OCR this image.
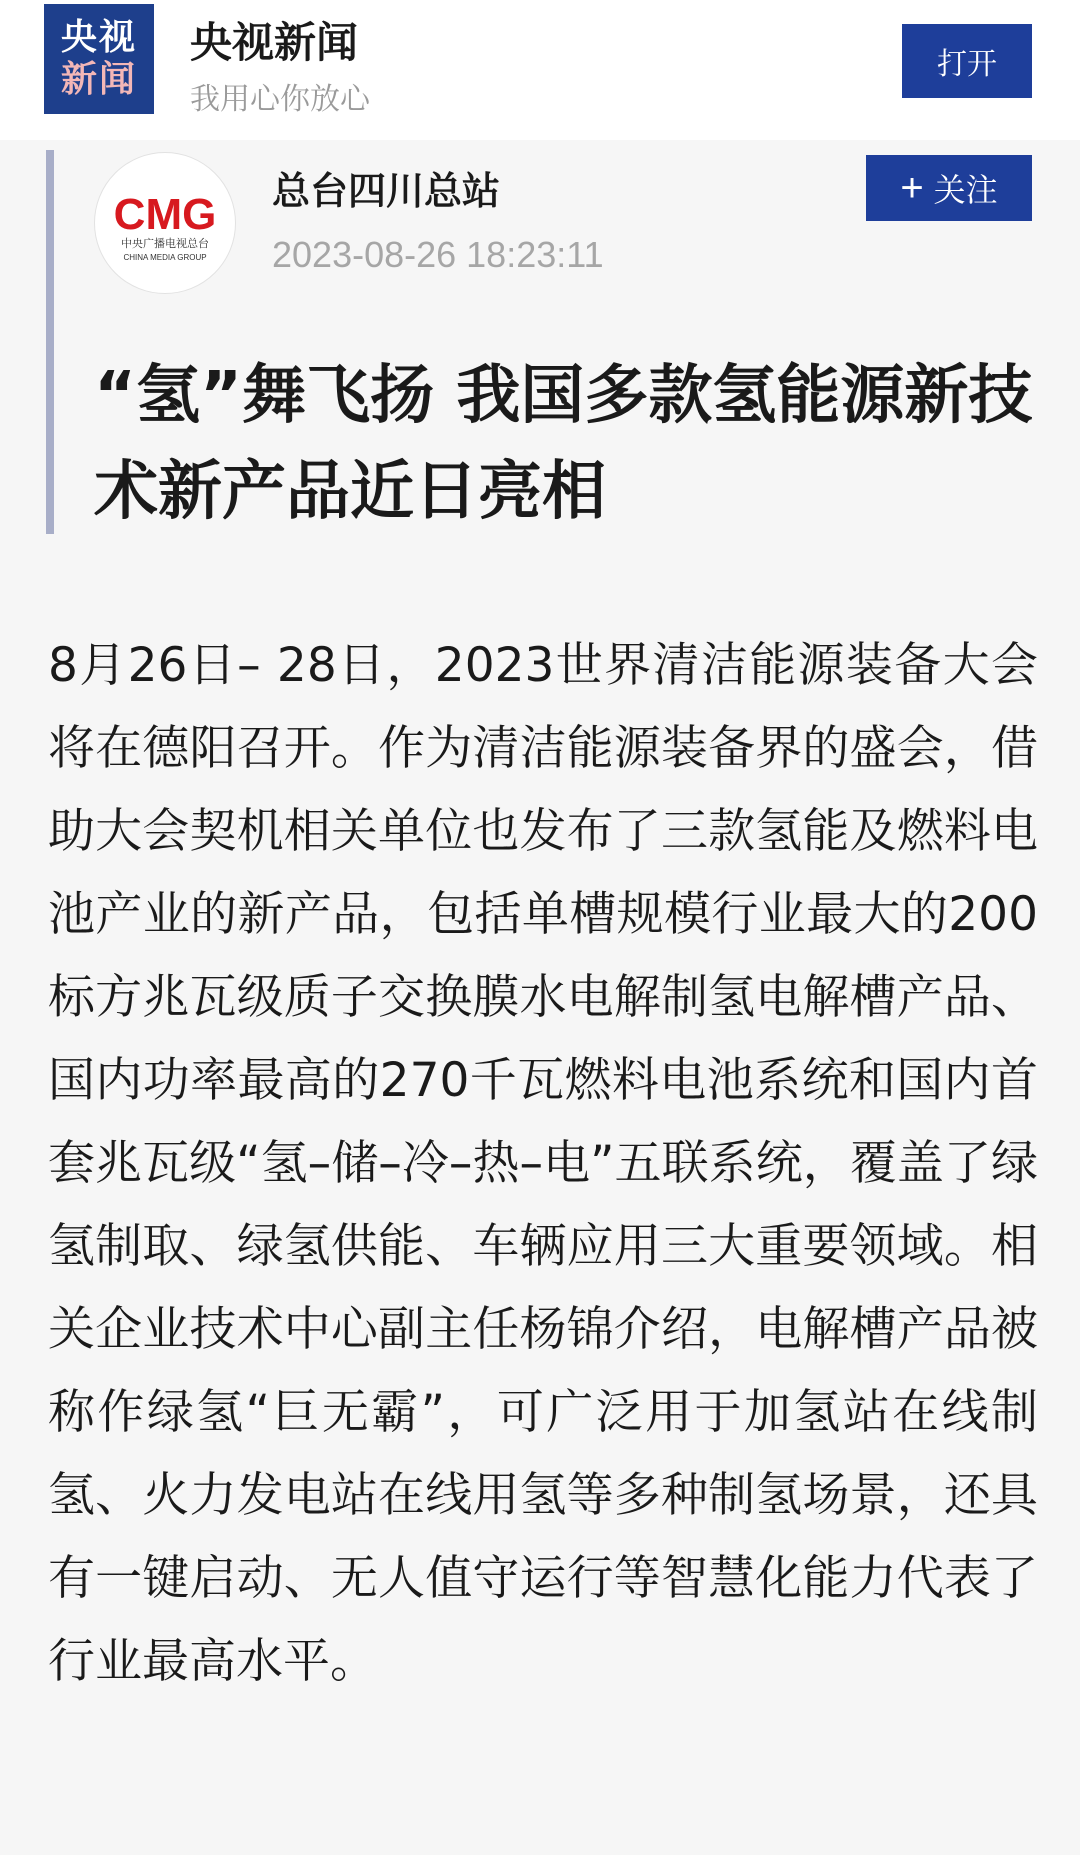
央视
新闻
央视新闻
我用心你放心
打开
CMG
中央广播电视总台
CHINA MEDIA GROUP
总台四川总站
2023-08-26 18:23:11
+ 关注
“氢”舞飞扬 我国多款氢能源新技术新产品近日亮相

8月26日– 28日，2023世界清洁能源装备大会将在德阳召开。作为清洁能源装备界的盛会，借助大会契机相关单位也发布了三款氢能及燃料电池产业的新产品，包括单槽规模行业最大的200标方兆瓦级质子交换膜水电解制氢电解槽产品、国内功率最高的270千瓦燃料电池系统和国内首套兆瓦级“氢–储–冷–热–电”五联系统，覆盖了绿氢制取、绿氢供能、车辆应用三大重要领域。相关企业技术中心副主任杨锦介绍，电解槽产品被称作绿氢“巨无霸”，可广泛用于加氢站在线制氢、火力发电站在线用氢等多种制氢场景，还具有一键启动、无人值守运行等智慧化能力代表了行业最高水平。
